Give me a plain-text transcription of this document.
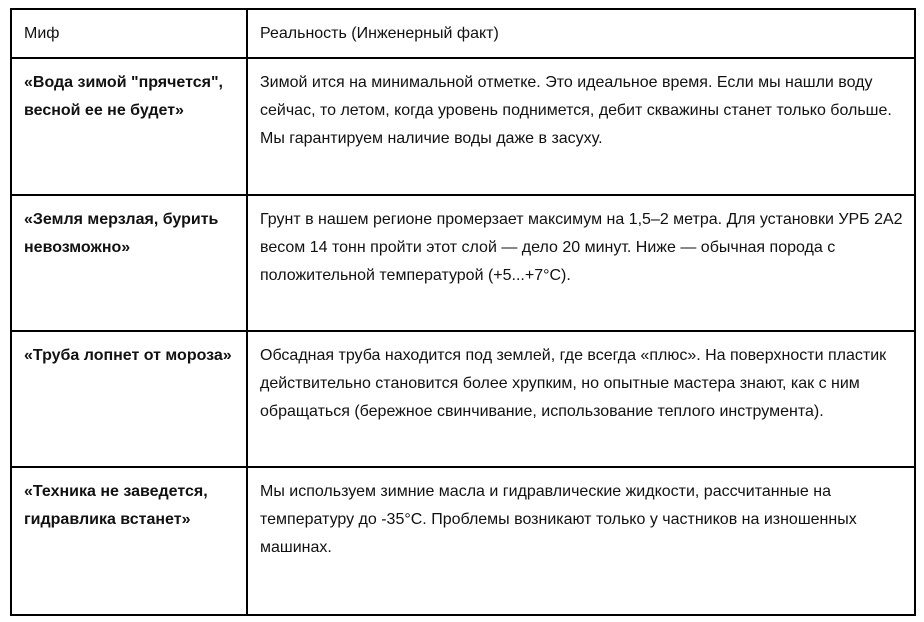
Миф	Реальность (Инженерный факт)
«Вода зимой "прячется", весной ее не будет»	Зимой ится на минимальной отметке. Это идеальное время. Если мы нашли воду сейчас, то летом, когда уровень поднимется, дебит скважины станет только больше. Мы гарантируем наличие воды даже в засуху.
«Земля мерзлая, бурить невозможно»	Грунт в нашем регионе промерзает максимум на 1,5–2 метра. Для установки УРБ 2А2 весом 14 тонн пройти этот слой — дело 20 минут. Ниже — обычная порода с положительной температурой (+5...+7°C).
«Труба лопнет от мороза»	Обсадная труба находится под землей, где всегда «плюс». На поверхности пластик действительно становится более хрупким, но опытные мастера знают, как с ним обращаться (бережное свинчивание, использование теплого инструмента).
«Техника не заведется, гидравлика встанет»	Мы используем зимние масла и гидравлические жидкости, рассчитанные на температуру до -35°C. Проблемы возникают только у частников на изношенных машинах.
